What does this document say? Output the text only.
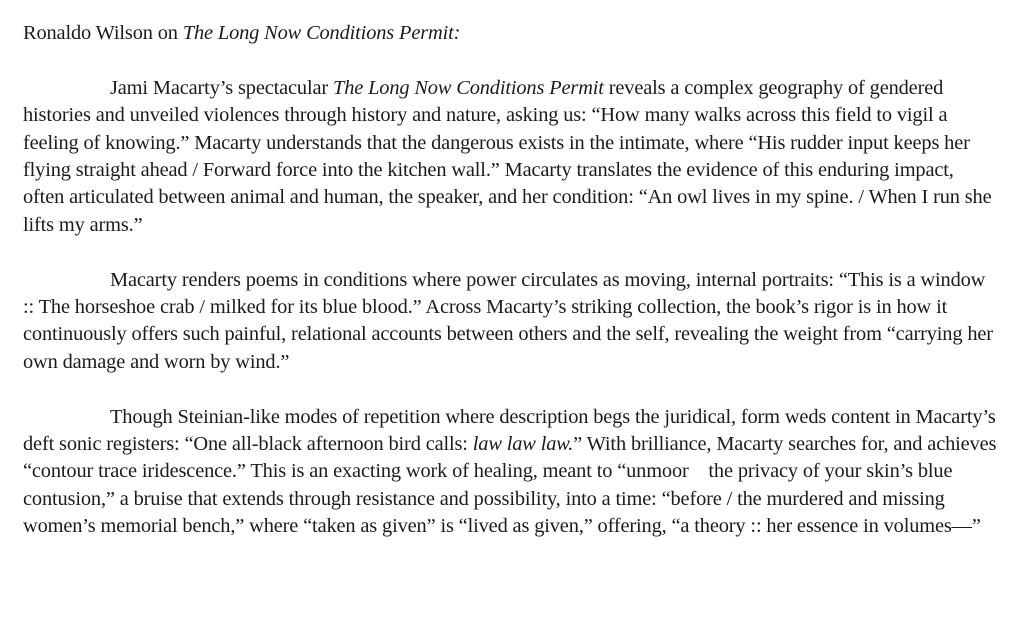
Ronaldo Wilson on The Long Now Conditions Permit:

Jami Macarty’s spectacular The Long Now Conditions Permit reveals a complex geography of gendered histories and unveiled violences through history and nature, asking us: “How many walks across this field to vigil a feeling of knowing.” Macarty understands that the dangerous exists in the intimate, where “His rudder input keeps her flying straight ahead / Forward force into the kitchen wall.” Macarty translates the evidence of this enduring impact, often articulated between animal and human, the speaker, and her condition: “An owl lives in my spine. / When I run she lifts my arms.”

Macarty renders poems in conditions where power circulates as moving, internal portraits: “This is a window :: The horseshoe crab / milked for its blue blood.” Across Macarty’s striking collection, the book’s rigor is in how it continuously offers such painful, relational accounts between others and the self, revealing the weight from “carrying her own damage and worn by wind.”

Though Steinian-like modes of repetition where description begs the juridical, form weds content in Macarty’s deft sonic registers: “One all-black afternoon bird calls: law law law.” With brilliance, Macarty searches for, and achieves “contour trace iridescence.” This is an exacting work of healing, meant to “unmoor    the privacy of your skin’s blue contusion,” a bruise that extends through resistance and possibility, into a time: “before / the murdered and missing women’s memorial bench,” where “taken as given” is “lived as given,” offering, “a theory :: her essence in volumes—”
